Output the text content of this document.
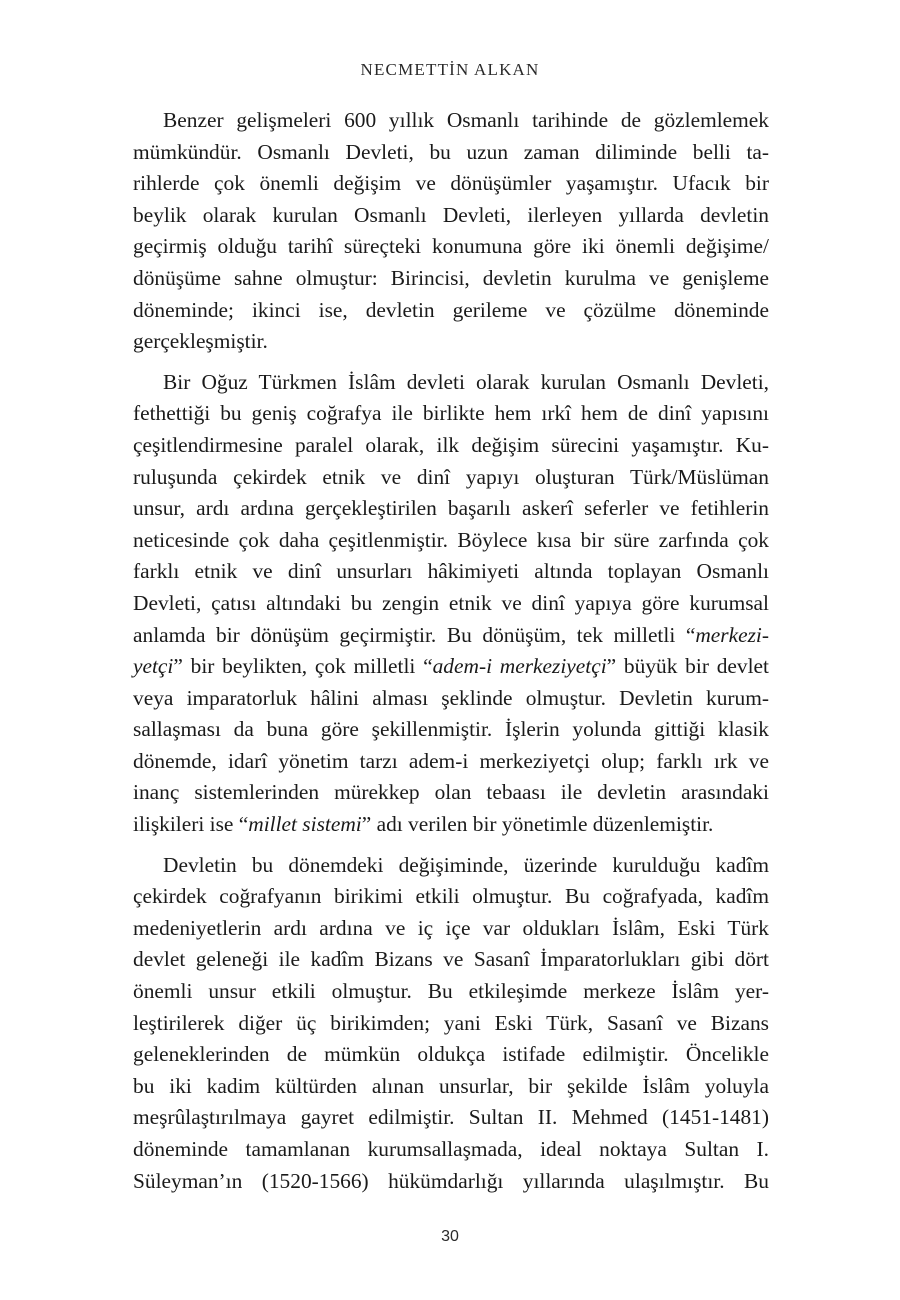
NECMETTİN ALKAN
Benzer gelişmeleri 600 yıllık Osmanlı tarihinde de gözlemlemek
mümkündür. Osmanlı Devleti, bu uzun zaman diliminde belli ta-
rihlerde çok önemli değişim ve dönüşümler yaşamıştır. Ufacık bir
beylik olarak kurulan Osmanlı Devleti, ilerleyen yıllarda devletin
geçirmiş olduğu tarihî süreçteki konumuna göre iki önemli değişime/
dönüşüme sahne olmuştur: Birincisi, devletin kurulma ve genişleme
döneminde; ikinci ise, devletin gerileme ve çözülme döneminde
gerçekleşmiştir.
Bir Oğuz Türkmen İslâm devleti olarak kurulan Osmanlı Devleti,
fethettiği bu geniş coğrafya ile birlikte hem ırkî hem de dinî yapısını
çeşitlendirmesine paralel olarak, ilk değişim sürecini yaşamıştır. Ku-
ruluşunda çekirdek etnik ve dinî yapıyı oluşturan Türk/Müslüman
unsur, ardı ardına gerçekleştirilen başarılı askerî seferler ve fetihlerin
neticesinde çok daha çeşitlenmiştir. Böylece kısa bir süre zarfında çok
farklı etnik ve dinî unsurları hâkimiyeti altında toplayan Osmanlı
Devleti, çatısı altındaki bu zengin etnik ve dinî yapıya göre kurumsal
anlamda bir dönüşüm geçirmiştir. Bu dönüşüm, tek milletli “merkezi-
yetçi” bir beylikten, çok milletli “adem-i merkeziyetçi” büyük bir devlet
veya imparatorluk hâlini alması şeklinde olmuştur. Devletin kurum-
sallaşması da buna göre şekillenmiştir. İşlerin yolunda gittiği klasik
dönemde, idarî yönetim tarzı adem-i merkeziyetçi olup; farklı ırk ve
inanç sistemlerinden mürekkep olan tebaası ile devletin arasındaki
ilişkileri ise “millet sistemi” adı verilen bir yönetimle düzenlemiştir.
Devletin bu dönemdeki değişiminde, üzerinde kurulduğu kadîm
çekirdek coğrafyanın birikimi etkili olmuştur. Bu coğrafyada, kadîm
medeniyetlerin ardı ardına ve iç içe var oldukları İslâm, Eski Türk
devlet geleneği ile kadîm Bizans ve Sasanî İmparatorlukları gibi dört
önemli unsur etkili olmuştur. Bu etkileşimde merkeze İslâm yer-
leştirilerek diğer üç birikimden; yani Eski Türk, Sasanî ve Bizans
geleneklerinden de mümkün oldukça istifade edilmiştir. Öncelikle
bu iki kadim kültürden alınan unsurlar, bir şekilde İslâm yoluyla
meşrûlaştırılmaya gayret edilmiştir. Sultan II. Mehmed (1451-1481)
döneminde tamamlanan kurumsallaşmada, ideal noktaya Sultan I.
Süleyman’ın (1520-1566) hükümdarlığı yıllarında ulaşılmıştır. Bu
30
